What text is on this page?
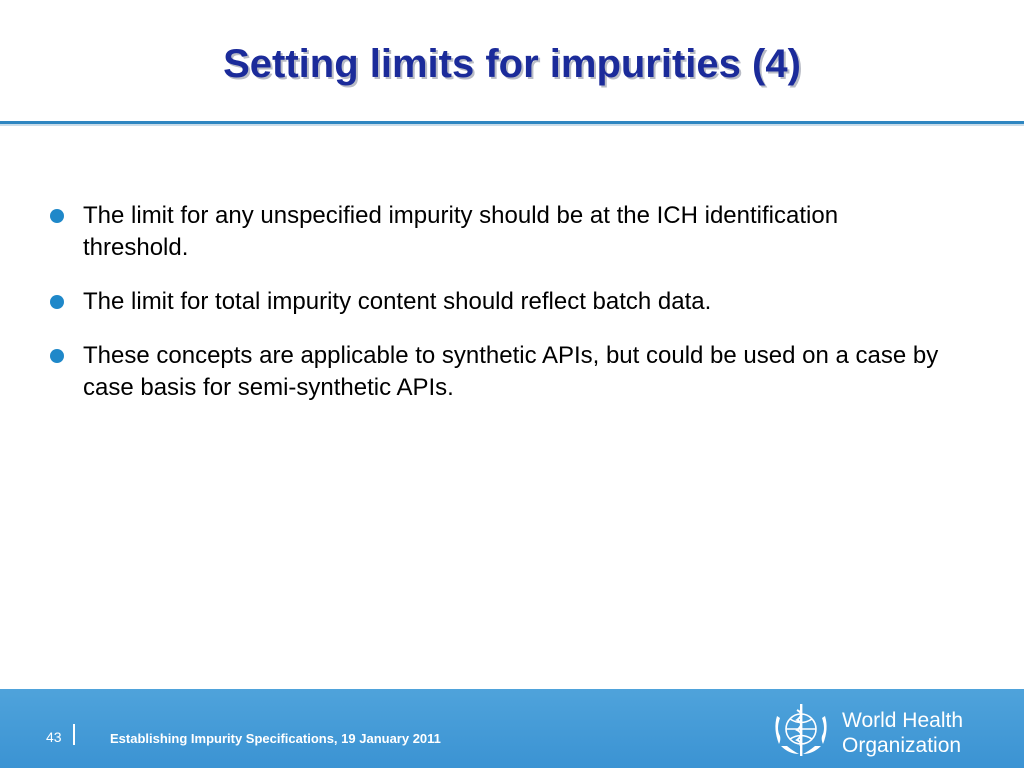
Setting limits for impurities (4)
The limit for any unspecified impurity should be at the ICH identification threshold.
The limit for total impurity content should reflect batch data.
These concepts are applicable to synthetic APIs, but could be used on a case by case basis for semi-synthetic APIs.
43	Establishing Impurity Specifications, 19 January 2011
World Health
Organization
